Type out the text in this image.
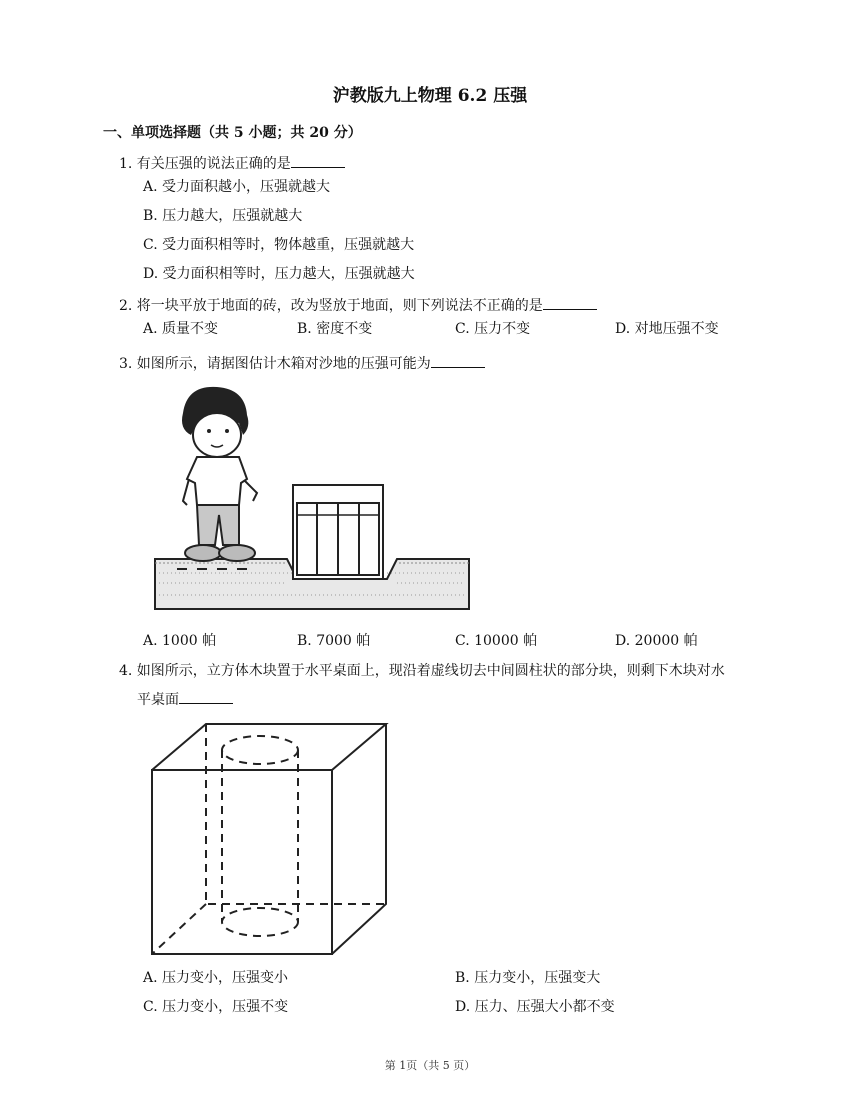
沪教版九上物理 6.2 压强
一、单项选择题（共 5 小题；共 20 分）
1. 有关压强的说法正确的是
A. 受力面积越小，压强就越大
B. 压力越大，压强就越大
C. 受力面积相等时，物体越重，压强就越大
D. 受力面积相等时，压力越大，压强就越大
2. 将一块平放于地面的砖，改为竖放于地面，则下列说法不正确的是
A. 质量不变	B. 密度不变	C. 压力不变	D. 对地压强不变
3. 如图所示，请据图估计木箱对沙地的压强可能为
A. 1000 帕	B. 7000 帕	C. 10000 帕	D. 20000 帕
4. 如图所示，立方体木块置于水平桌面上，现沿着虚线切去中间圆柱状的部分块，则剩下木块对水
平桌面
A. 压力变小，压强变小	B. 压力变小，压强变大
C. 压力变小，压强不变	D. 压力、压强大小都不变
第 1页（共 5 页）
